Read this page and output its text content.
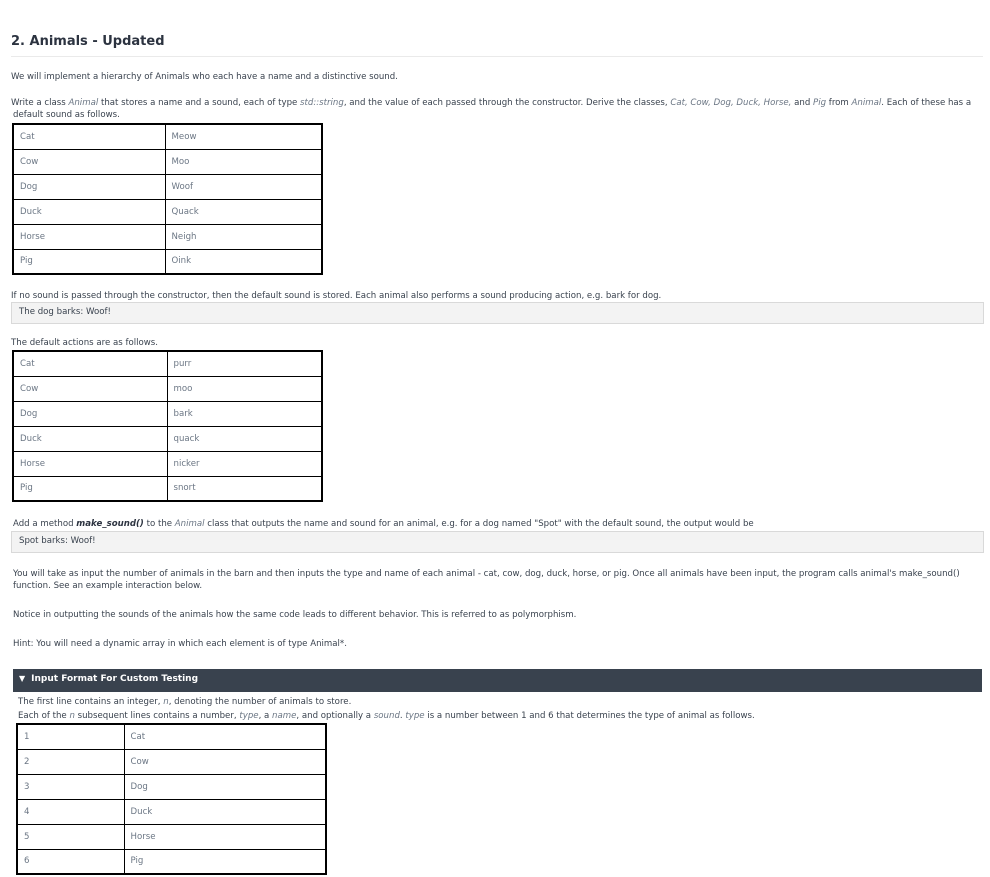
2. Animals - Updated
We will implement a hierarchy of Animals who each have a name and a distinctive sound.
Write a class Animal that stores a name and a sound, each of type std::string, and the value of each passed through the constructor. Derive the classes, Cat, Cow, Dog, Duck, Horse, and Pig from Animal. Each of these has a
default sound as follows.
Cat	Meow
Cow	Moo
Dog	Woof
Duck	Quack
Horse	Neigh
Pig	Oink
If no sound is passed through the constructor, then the default sound is stored. Each animal also performs a sound producing action, e.g. bark for dog.
The dog barks: Woof!
The default actions are as follows.
Cat	purr
Cow	moo
Dog	bark
Duck	quack
Horse	nicker
Pig	snort
Add a method make_sound() to the Animal class that outputs the name and sound for an animal, e.g. for a dog named "Spot" with the default sound, the output would be
Spot barks: Woof!
You will take as input the number of animals in the barn and then inputs the type and name of each animal - cat, cow, dog, duck, horse, or pig. Once all animals have been input, the program calls animal's make_sound()
function. See an example interaction below.
Notice in outputting the sounds of the animals how the same code leads to different behavior. This is referred to as polymorphism.
Hint: You will need a dynamic array in which each element is of type Animal*.
▼ Input Format For Custom Testing
The first line contains an integer, n, denoting the number of animals to store.
Each of the n subsequent lines contains a number, type, a name, and optionally a sound. type is a number between 1 and 6 that determines the type of animal as follows.
1	Cat
2	Cow
3	Dog
4	Duck
5	Horse
6	Pig
